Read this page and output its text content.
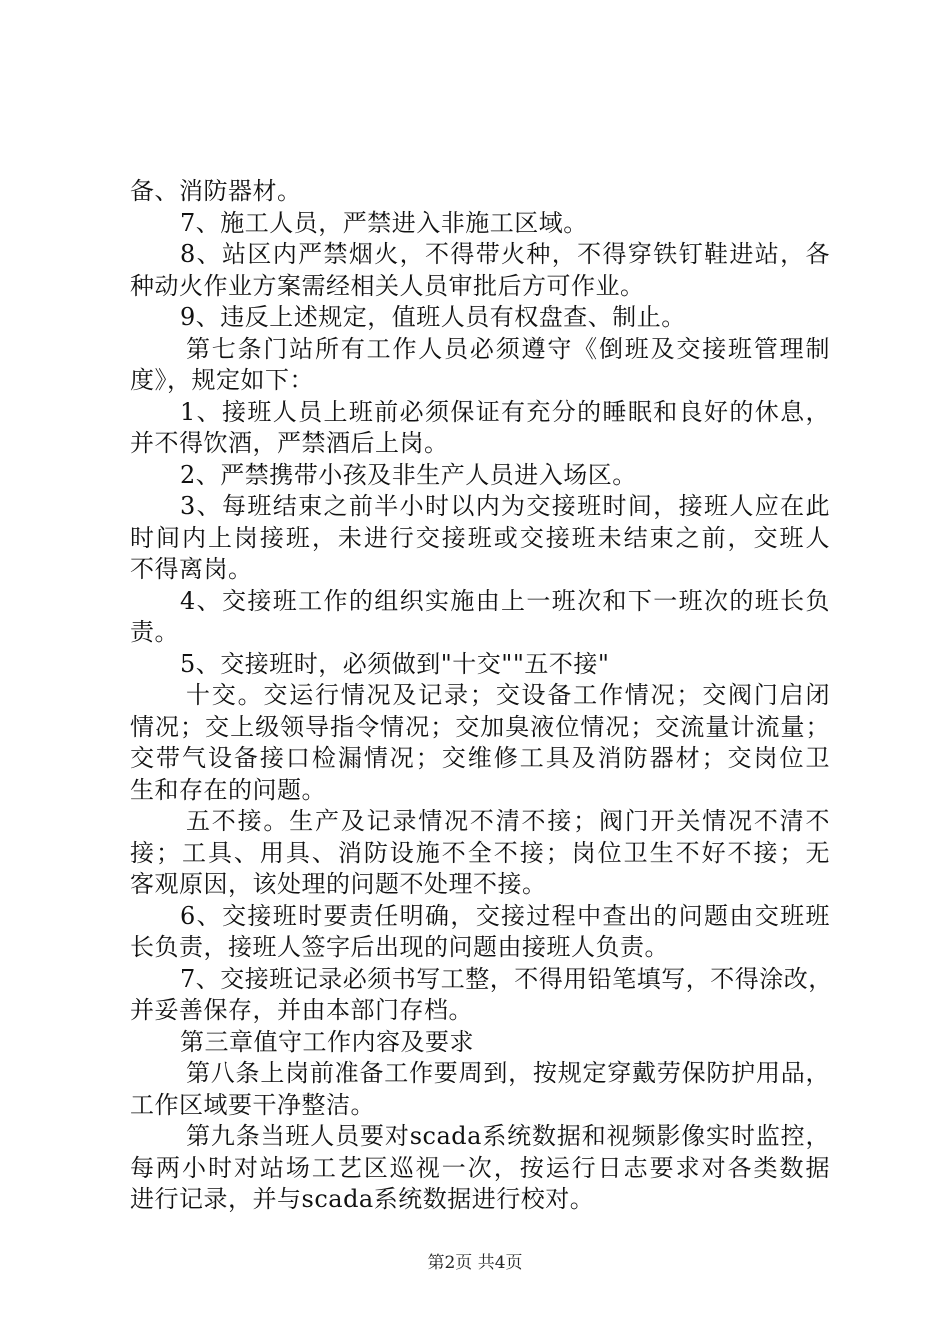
备、消防器材。
7、施工人员，严禁进入非施工区域。
8、站区内严禁烟火，不得带火种，不得穿铁钉鞋进站，各
种动火作业方案需经相关人员审批后方可作业。
9、违反上述规定，值班人员有权盘查、制止。
第七条门站所有工作人员必须遵守《倒班及交接班管理制
度》，规定如下：
1、接班人员上班前必须保证有充分的睡眠和良好的休息，
并不得饮酒，严禁酒后上岗。
2、严禁携带小孩及非生产人员进入场区。
3、每班结束之前半小时以内为交接班时间，接班人应在此
时间内上岗接班，未进行交接班或交接班未结束之前，交班人
不得离岗。
4、交接班工作的组织实施由上一班次和下一班次的班长负
责。
5、交接班时，必须做到"十交""五不接"
十交。交运行情况及记录；交设备工作情况；交阀门启闭
情况；交上级领导指令情况；交加臭液位情况；交流量计流量；
交带气设备接口检漏情况；交维修工具及消防器材；交岗位卫
生和存在的问题。
五不接。生产及记录情况不清不接；阀门开关情况不清不
接；工具、用具、消防设施不全不接；岗位卫生不好不接；无
客观原因，该处理的问题不处理不接。
6、交接班时要责任明确，交接过程中查出的问题由交班班
长负责，接班人签字后出现的问题由接班人负责。
7、交接班记录必须书写工整，不得用铅笔填写，不得涂改，
并妥善保存，并由本部门存档。
第三章值守工作内容及要求
第八条上岗前准备工作要周到，按规定穿戴劳保防护用品，
工作区域要干净整洁。
第九条当班人员要对scada系统数据和视频影像实时监控，
每两小时对站场工艺区巡视一次，按运行日志要求对各类数据
进行记录，并与scada系统数据进行校对。
第2页 共4页
